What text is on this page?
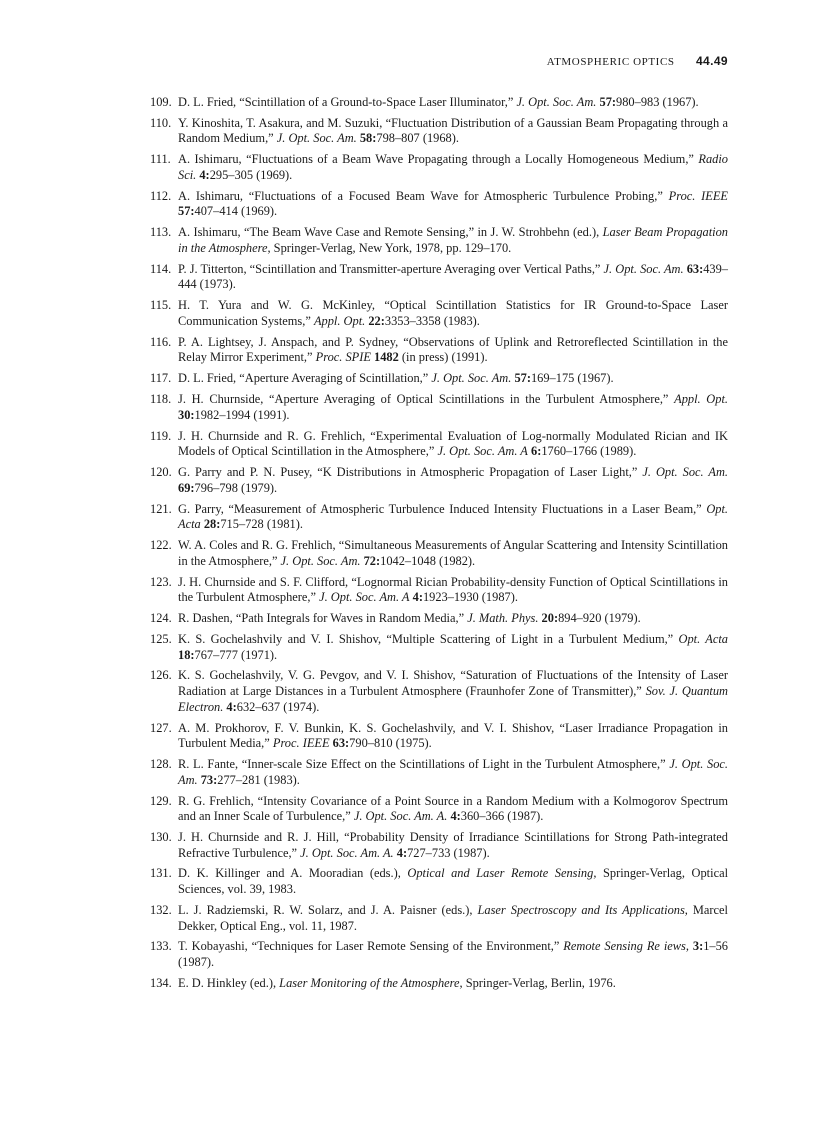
ATMOSPHERIC OPTICS 44.49
109. D. L. Fried, “Scintillation of a Ground-to-Space Laser Illuminator,” J. Opt. Soc. Am. 57:980–983 (1967).
110. Y. Kinoshita, T. Asakura, and M. Suzuki, “Fluctuation Distribution of a Gaussian Beam Propagating through a Random Medium,” J. Opt. Soc. Am. 58:798–807 (1968).
111. A. Ishimaru, “Fluctuations of a Beam Wave Propagating through a Locally Homogeneous Medium,” Radio Sci. 4:295–305 (1969).
112. A. Ishimaru, “Fluctuations of a Focused Beam Wave for Atmospheric Turbulence Probing,” Proc. IEEE 57:407–414 (1969).
113. A. Ishimaru, “The Beam Wave Case and Remote Sensing,” in J. W. Strohbehn (ed.), Laser Beam Propagation in the Atmosphere, Springer-Verlag, New York, 1978, pp. 129–170.
114. P. J. Titterton, “Scintillation and Transmitter-aperture Averaging over Vertical Paths,” J. Opt. Soc. Am. 63:439–444 (1973).
115. H. T. Yura and W. G. McKinley, “Optical Scintillation Statistics for IR Ground-to-Space Laser Communication Systems,” Appl. Opt. 22:3353–3358 (1983).
116. P. A. Lightsey, J. Anspach, and P. Sydney, “Observations of Uplink and Retroreflected Scintillation in the Relay Mirror Experiment,” Proc. SPIE 1482 (in press) (1991).
117. D. L. Fried, “Aperture Averaging of Scintillation,” J. Opt. Soc. Am. 57:169–175 (1967).
118. J. H. Churnside, “Aperture Averaging of Optical Scintillations in the Turbulent Atmosphere,” Appl. Opt. 30:1982–1994 (1991).
119. J. H. Churnside and R. G. Frehlich, “Experimental Evaluation of Log-normally Modulated Rician and IK Models of Optical Scintillation in the Atmosphere,” J. Opt. Soc. Am. A 6:1760–1766 (1989).
120. G. Parry and P. N. Pusey, “K Distributions in Atmospheric Propagation of Laser Light,” J. Opt. Soc. Am. 69:796–798 (1979).
121. G. Parry, “Measurement of Atmospheric Turbulence Induced Intensity Fluctuations in a Laser Beam,” Opt. Acta 28:715–728 (1981).
122. W. A. Coles and R. G. Frehlich, “Simultaneous Measurements of Angular Scattering and Intensity Scintillation in the Atmosphere,” J. Opt. Soc. Am. 72:1042–1048 (1982).
123. J. H. Churnside and S. F. Clifford, “Lognormal Rician Probability-density Function of Optical Scintillations in the Turbulent Atmosphere,” J. Opt. Soc. Am. A 4:1923–1930 (1987).
124. R. Dashen, “Path Integrals for Waves in Random Media,” J. Math. Phys. 20:894–920 (1979).
125. K. S. Gochelashvily and V. I. Shishov, “Multiple Scattering of Light in a Turbulent Medium,” Opt. Acta 18:767–777 (1971).
126. K. S. Gochelashvily, V. G. Pevgov, and V. I. Shishov, “Saturation of Fluctuations of the Intensity of Laser Radiation at Large Distances in a Turbulent Atmosphere (Fraunhofer Zone of Transmitter),” Sov. J. Quantum Electron. 4:632–637 (1974).
127. A. M. Prokhorov, F. V. Bunkin, K. S. Gochelashvily, and V. I. Shishov, “Laser Irradiance Propagation in Turbulent Media,” Proc. IEEE 63:790–810 (1975).
128. R. L. Fante, “Inner-scale Size Effect on the Scintillations of Light in the Turbulent Atmosphere,” J. Opt. Soc. Am. 73:277–281 (1983).
129. R. G. Frehlich, “Intensity Covariance of a Point Source in a Random Medium with a Kolmogorov Spectrum and an Inner Scale of Turbulence,” J. Opt. Soc. Am. A. 4:360–366 (1987).
130. J. H. Churnside and R. J. Hill, “Probability Density of Irradiance Scintillations for Strong Path-integrated Refractive Turbulence,” J. Opt. Soc. Am. A. 4:727–733 (1987).
131. D. K. Killinger and A. Mooradian (eds.), Optical and Laser Remote Sensing, Springer-Verlag, Optical Sciences, vol. 39, 1983.
132. L. J. Radziemski, R. W. Solarz, and J. A. Paisner (eds.), Laser Spectroscopy and Its Applications, Marcel Dekker, Optical Eng., vol. 11, 1987.
133. T. Kobayashi, “Techniques for Laser Remote Sensing of the Environment,” Remote Sensing Re iews, 3:1–56 (1987).
134. E. D. Hinkley (ed.), Laser Monitoring of the Atmosphere, Springer-Verlag, Berlin, 1976.
